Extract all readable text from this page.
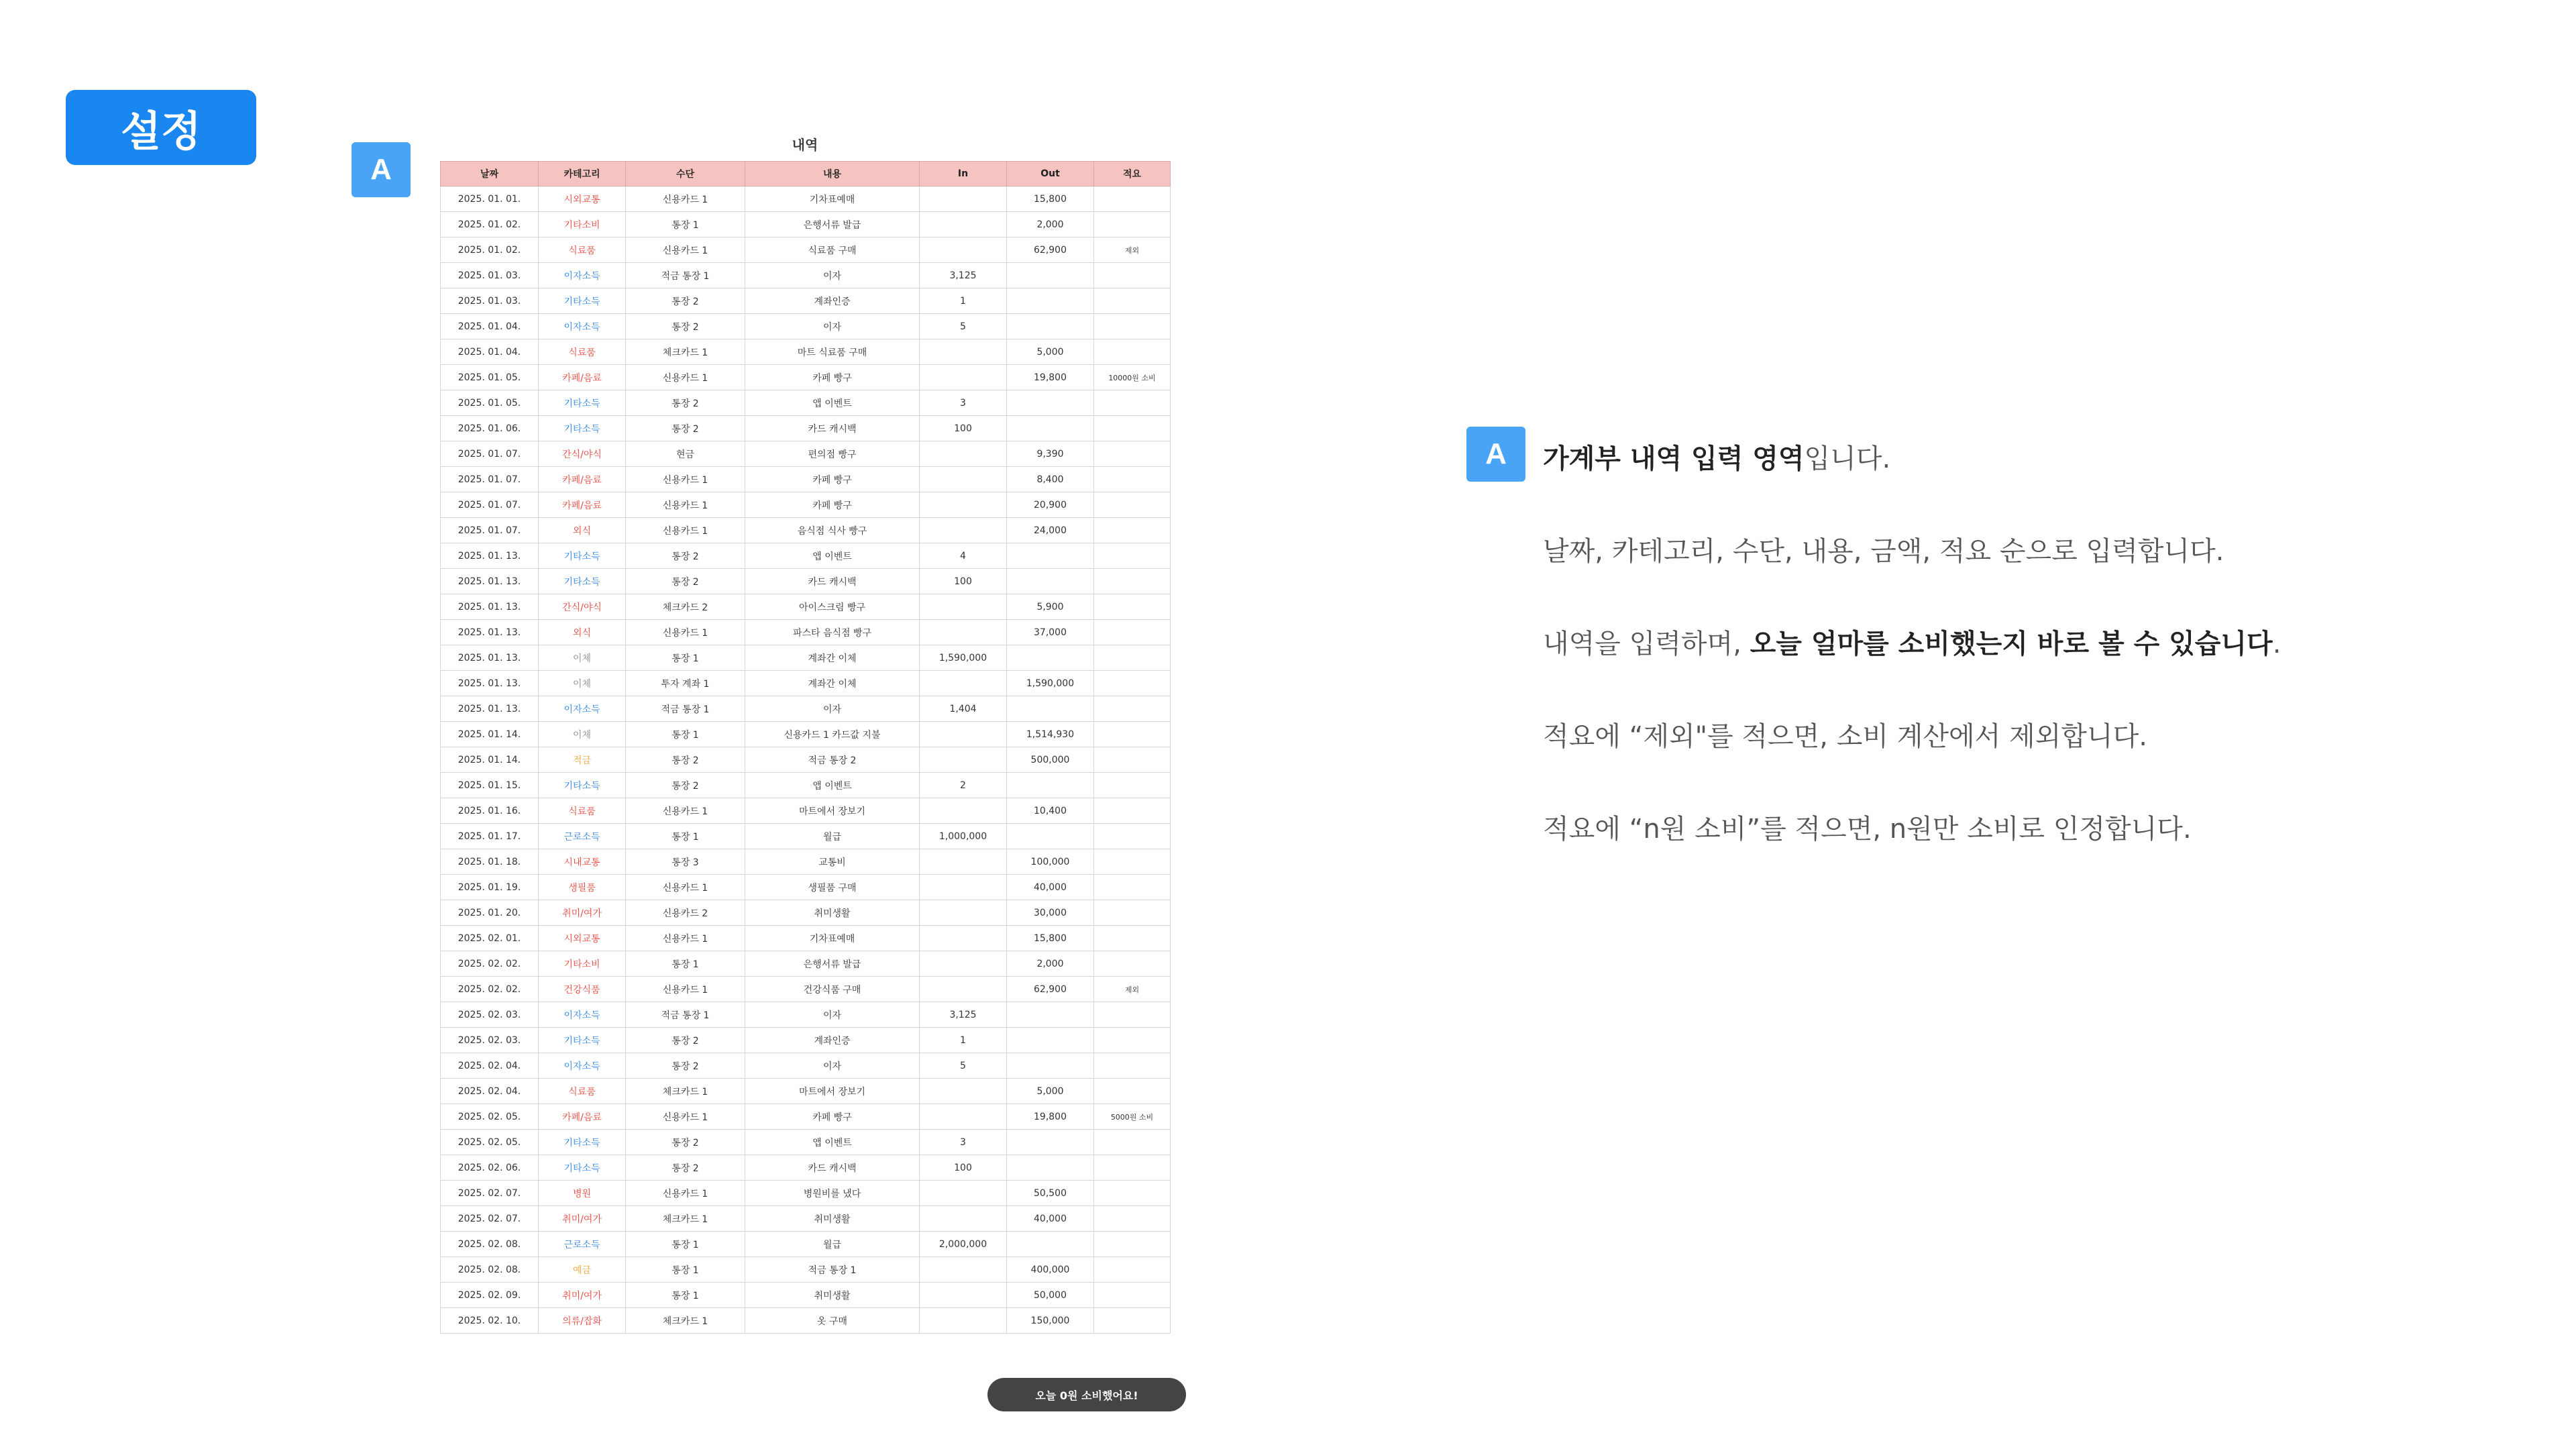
설정
A
내역
날짜	카테고리	수단	내용	In	Out	적요
2025. 01. 01.	시외교통	신용카드 1	기차표예매		15,800	
2025. 01. 02.	기타소비	통장 1	은행서류 발급		2,000	
2025. 01. 02.	식료품	신용카드 1	식료품 구매		62,900	제외
2025. 01. 03.	이자소득	적금 통장 1	이자	3,125		
2025. 01. 03.	기타소득	통장 2	계좌인증	1		
2025. 01. 04.	이자소득	통장 2	이자	5		
2025. 01. 04.	식료품	체크카드 1	마트 식료품 구매		5,000	
2025. 01. 05.	카페/음료	신용카드 1	카페 빵구		19,800	10000원 소비
2025. 01. 05.	기타소득	통장 2	앱 이벤트	3		
2025. 01. 06.	기타소득	통장 2	카드 캐시백	100		
2025. 01. 07.	간식/야식	현금	편의점 빵구		9,390	
2025. 01. 07.	카페/음료	신용카드 1	카페 빵구		8,400	
2025. 01. 07.	카페/음료	신용카드 1	카페 빵구		20,900	
2025. 01. 07.	외식	신용카드 1	음식점 식사 빵구		24,000	
2025. 01. 13.	기타소득	통장 2	앱 이벤트	4		
2025. 01. 13.	기타소득	통장 2	카드 캐시백	100		
2025. 01. 13.	간식/야식	체크카드 2	아이스크림 빵구		5,900	
2025. 01. 13.	외식	신용카드 1	파스타 음식점 빵구		37,000	
2025. 01. 13.	이체	통장 1	계좌간 이체	1,590,000		
2025. 01. 13.	이체	투자 계좌 1	계좌간 이체		1,590,000	
2025. 01. 13.	이자소득	적금 통장 1	이자	1,404		
2025. 01. 14.	이체	통장 1	신용카드 1 카드값 지불		1,514,930	
2025. 01. 14.	적금	통장 2	적금 통장 2		500,000	
2025. 01. 15.	기타소득	통장 2	앱 이벤트	2		
2025. 01. 16.	식료품	신용카드 1	마트에서 장보기		10,400	
2025. 01. 17.	근로소득	통장 1	월급	1,000,000		
2025. 01. 18.	시내교통	통장 3	교통비		100,000	
2025. 01. 19.	생필품	신용카드 1	생필품 구매		40,000	
2025. 01. 20.	취미/여가	신용카드 2	취미생활		30,000	
2025. 02. 01.	시외교통	신용카드 1	기차표예매		15,800	
2025. 02. 02.	기타소비	통장 1	은행서류 발급		2,000	
2025. 02. 02.	건강식품	신용카드 1	건강식품 구매		62,900	제외
2025. 02. 03.	이자소득	적금 통장 1	이자	3,125		
2025. 02. 03.	기타소득	통장 2	계좌인증	1		
2025. 02. 04.	이자소득	통장 2	이자	5		
2025. 02. 04.	식료품	체크카드 1	마트에서 장보기		5,000	
2025. 02. 05.	카페/음료	신용카드 1	카페 빵구		19,800	5000원 소비
2025. 02. 05.	기타소득	통장 2	앱 이벤트	3		
2025. 02. 06.	기타소득	통장 2	카드 캐시백	100		
2025. 02. 07.	병원	신용카드 1	병원비를 냈다		50,500	
2025. 02. 07.	취미/여가	체크카드 1	취미생활		40,000	
2025. 02. 08.	근로소득	통장 1	월급	2,000,000		
2025. 02. 08.	예금	통장 1	적금 통장 1		400,000	
2025. 02. 09.	취미/여가	통장 1	취미생활		50,000	
2025. 02. 10.	의류/잡화	체크카드 1	옷 구매		150,000	
A	가계부 내역 입력 영역입니다.
날짜, 카테고리, 수단, 내용, 금액, 적요 순으로 입력합니다.
내역을 입력하며, 오늘 얼마를 소비했는지 바로 볼 수 있습니다.
적요에 “제외"를 적으면, 소비 계산에서 제외합니다.
적요에 “n원 소비”를 적으면, n원만 소비로 인정합니다.
오늘 0원 소비했어요!
